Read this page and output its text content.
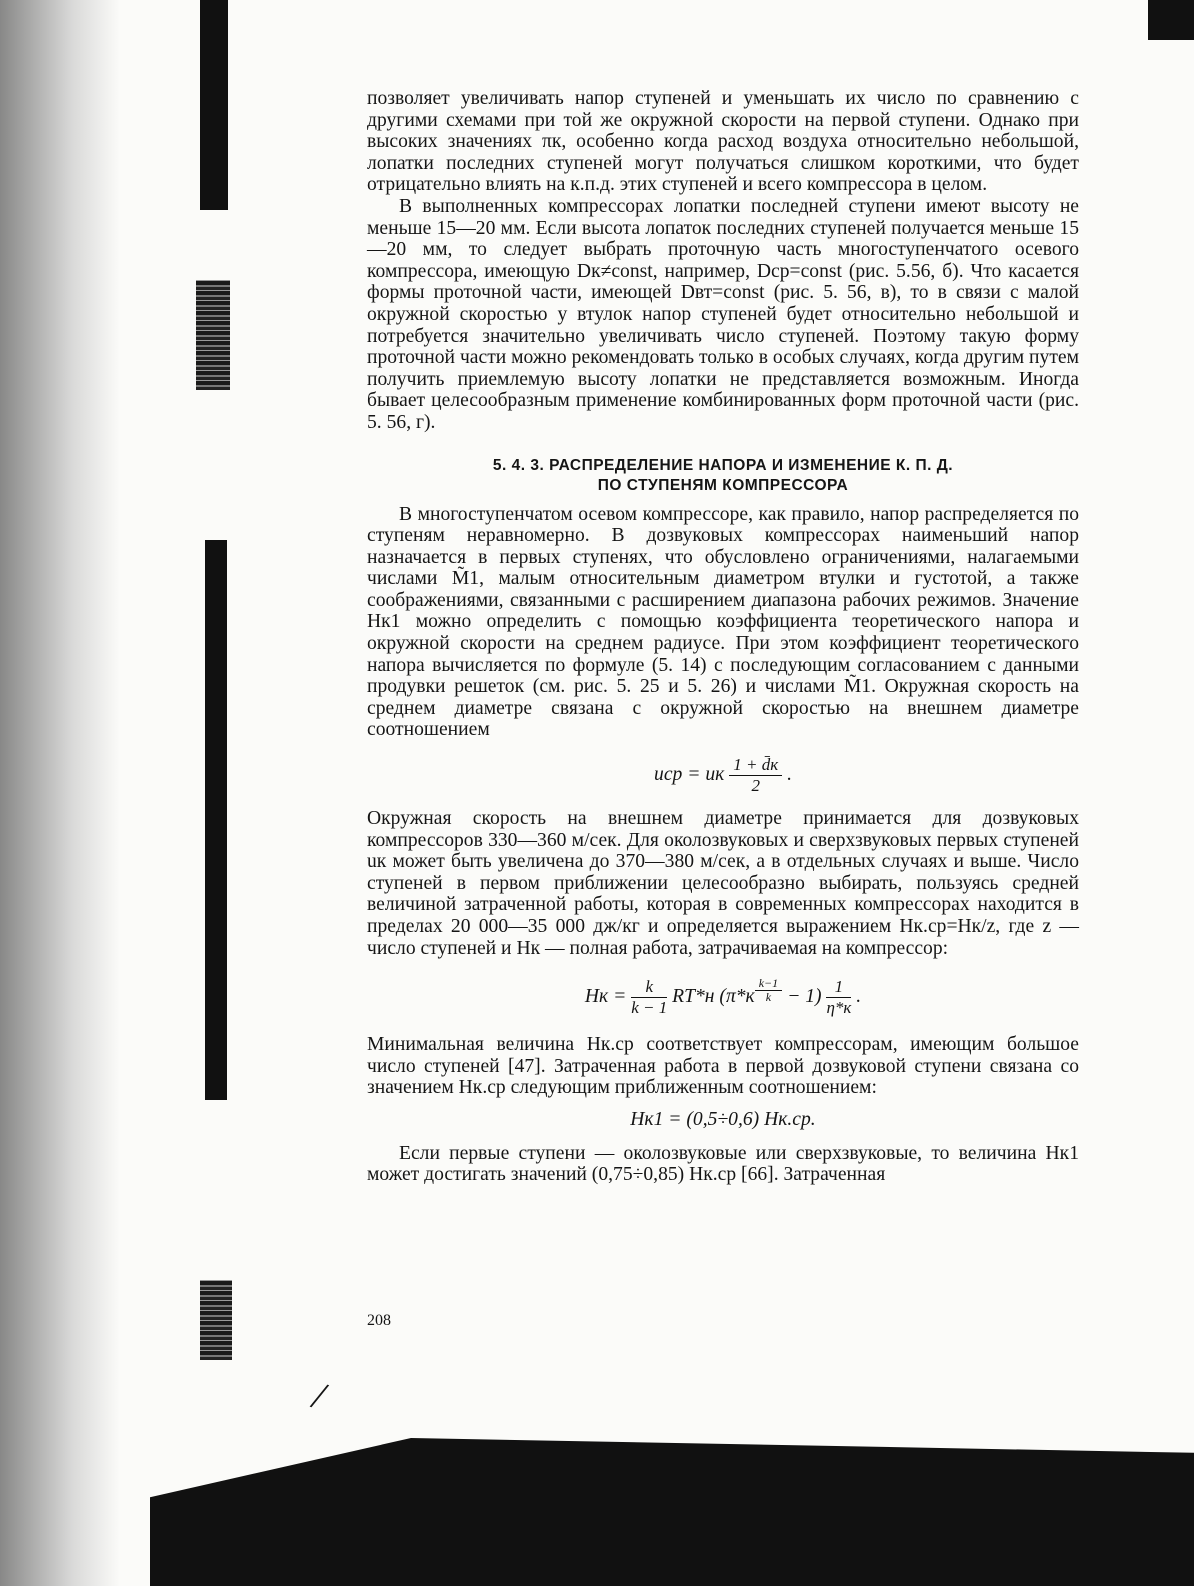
позволяет увеличивать напор ступеней и уменьшать их число по сравнению с другими схемами при той же окружной скорости на первой ступени. Однако при высоких значениях πк, особенно когда расход воздуха относительно небольшой, лопатки последних ступеней могут получаться слишком короткими, что будет отрицательно влиять на к.п.д. этих ступеней и всего компрессора в целом.

В выполненных компрессорах лопатки последней ступени имеют высоту не меньше 15—20 мм. Если высота лопаток последних ступеней получается меньше 15—20 мм, то следует выбрать проточную часть многоступенчатого осевого компрессора, имеющую Dк≠const, например, Dср=const (рис. 5.56, б). Что касается формы проточной части, имеющей Dвт=const (рис. 5. 56, в), то в связи с малой окружной скоростью у втулок напор ступеней будет относительно небольшой и потребуется значительно увеличивать число ступеней. Поэтому такую форму проточной части можно рекомендовать только в особых случаях, когда другим путем получить приемлемую высоту лопатки не представляется возможным. Иногда бывает целесообразным применение комбинированных форм проточной части (рис. 5. 56, г).

5. 4. 3. РАСПРЕДЕЛЕНИЕ НАПОРА И ИЗМЕНЕНИЕ К. П. Д.
ПО СТУПЕНЯМ КОМПРЕССОРА

В многоступенчатом осевом компрессоре, как правило, напор распределяется по ступеням неравномерно. В дозвуковых компрессорах наименьший напор назначается в первых ступенях, что обусловлено ограничениями, налагаемыми числами M̃1, малым относительным диаметром втулки и густотой, а также соображениями, связанными с расширением диапазона рабочих режимов. Значение Hк1 можно определить с помощью коэффициента теоретического напора и окружной скорости на среднем радиусе. При этом коэффициент теоретического напора вычисляется по формуле (5. 14) с последующим согласованием с данными продувки решеток (см. рис. 5. 25 и 5. 26) и числами M̃1. Окружная скорость на среднем диаметре связана с окружной скоростью на внешнем диаметре соотношением

uср = uк $\frac{1 + d̄к}{2}$ .

Окружная скорость на внешнем диаметре принимается для дозвуковых компрессоров 330—360 м/сек. Для околозвуковых и сверхзвуковых первых ступеней uк может быть увеличена до 370—380 м/сек, а в отдельных случаях и выше. Число ступеней в первом приближении целесообразно выбирать, пользуясь средней величиной затраченной работы, которая в современных компрессорах находится в пределах 20 000—35 000 дж/кг и определяется выражением Hк.ср=Hк/z, где z — число ступеней и Hк — полная работа, затрачиваемая на компрессор:

Hк = $\frac{k}{k - 1} RT*н$ (π*к $^{\frac{k-1}{k}} - 1) \frac{1}{\eta*к}$ .

Минимальная величина Hк.ср соответствует компрессорам, имеющим большое число ступеней [47]. Затраченная работа в первой дозвуковой ступени связана со значением Hк.ср следующим приближенным соотношением:

Hк1 = (0,5÷0,6) Hк.ср.

Если первые ступени — околозвуковые или сверхзвуковые, то величина Hк1 может достигать значений (0,75÷0,85) Hк.ср [66]. Затраченная

208
/
